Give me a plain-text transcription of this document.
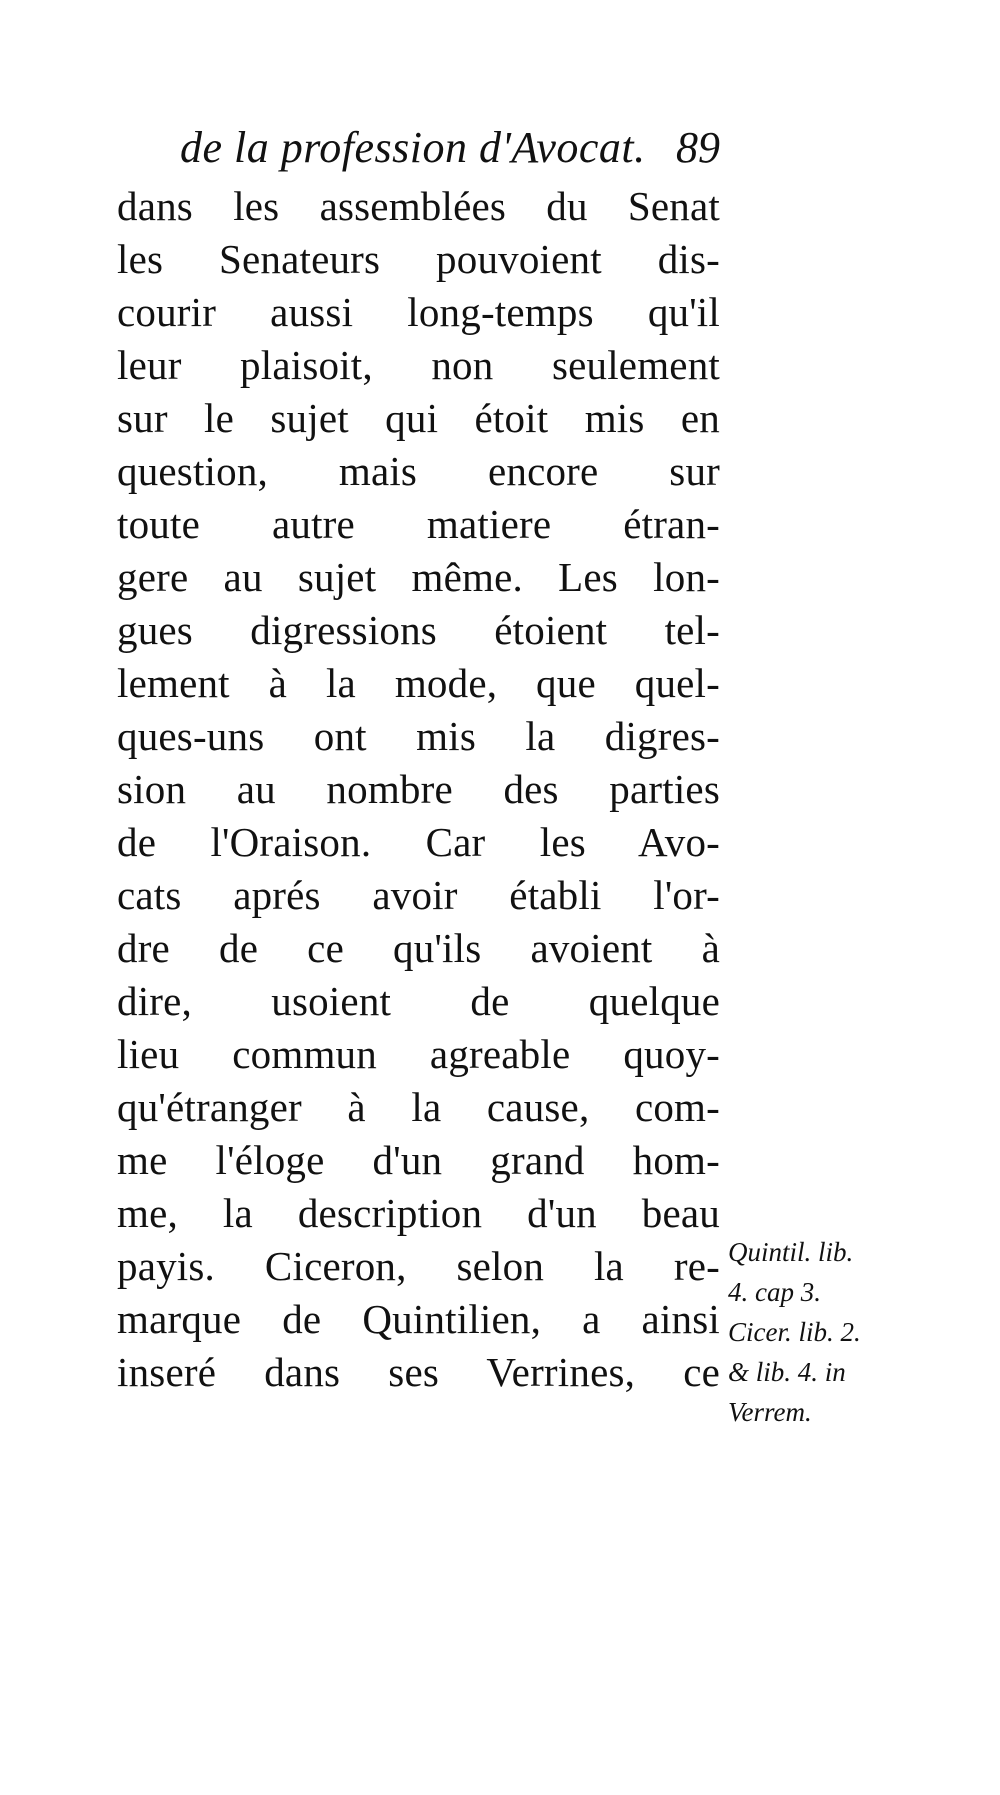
de la profession d'Avocat. 89
dans les assemblées du Senat
les Senateurs pouvoient dis-
courir aussi long-temps qu'il
leur plaisoit, non seulement
sur le sujet qui étoit mis en
question, mais encore sur
toute autre matiere étran-
gere au sujet même. Les lon-
gues digressions étoient tel-
lement à la mode, que quel-
ques-uns ont mis la digres-
sion au nombre des parties
de l'Oraison. Car les Avo-
cats aprés avoir établi l'or-
dre de ce qu'ils avoient à
dire, usoient de quelque
lieu commun agreable quoy-
qu'étranger à la cause, com-
me l'éloge d'un grand hom-
me, la description d'un beau
payis. Ciceron, selon la re-
marque de Quintilien, a ainsi
inseré dans ses Verrines, ce
Quintil. lib.
4. cap 3.
Cicer. lib. 2.
& lib. 4. in
Verrem.
